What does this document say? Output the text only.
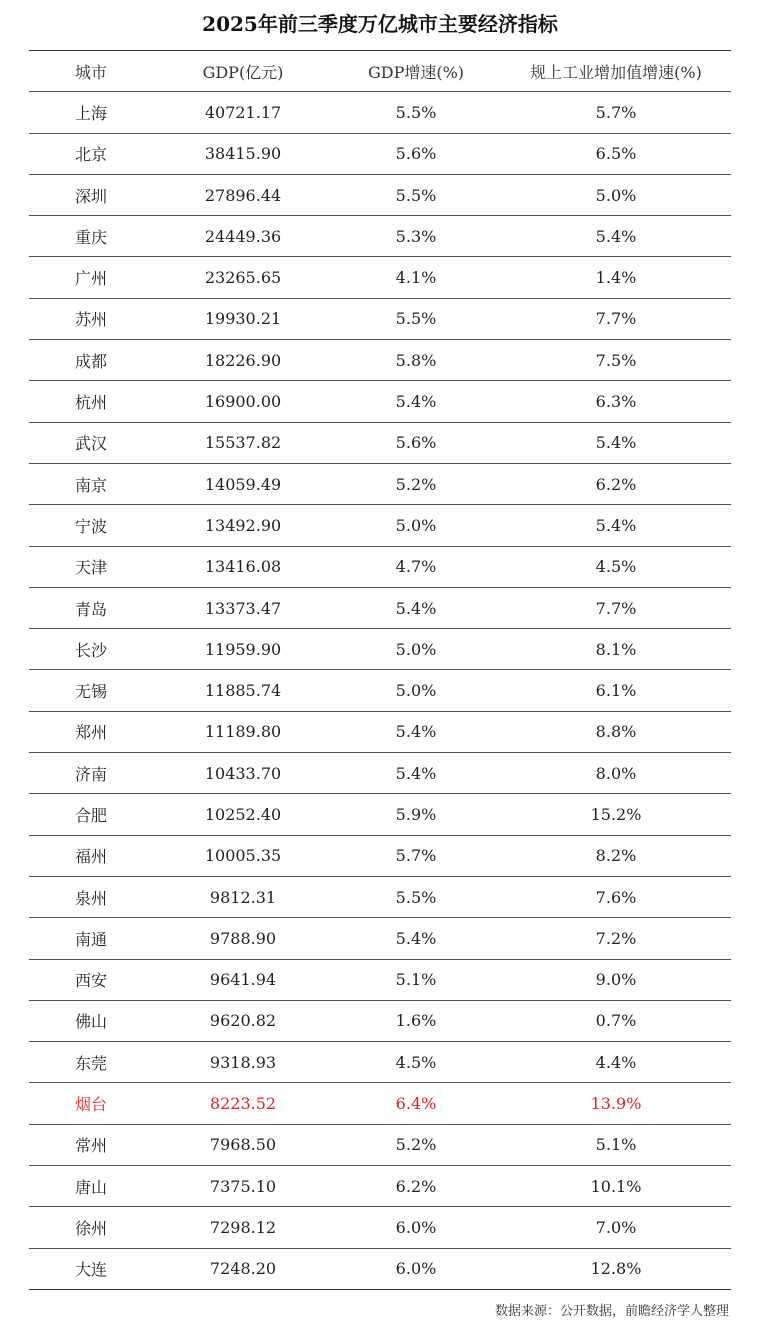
2025年前三季度万亿城市主要经济指标
城市	GDP(亿元)	GDP增速(%)	规上工业增加值增速(%)
上海	40721.17	5.5%	5.7%
北京	38415.90	5.6%	6.5%
深圳	27896.44	5.5%	5.0%
重庆	24449.36	5.3%	5.4%
广州	23265.65	4.1%	1.4%
苏州	19930.21	5.5%	7.7%
成都	18226.90	5.8%	7.5%
杭州	16900.00	5.4%	6.3%
武汉	15537.82	5.6%	5.4%
南京	14059.49	5.2%	6.2%
宁波	13492.90	5.0%	5.4%
天津	13416.08	4.7%	4.5%
青岛	13373.47	5.4%	7.7%
长沙	11959.90	5.0%	8.1%
无锡	11885.74	5.0%	6.1%
郑州	11189.80	5.4%	8.8%
济南	10433.70	5.4%	8.0%
合肥	10252.40	5.9%	15.2%
福州	10005.35	5.7%	8.2%
泉州	9812.31	5.5%	7.6%
南通	9788.90	5.4%	7.2%
西安	9641.94	5.1%	9.0%
佛山	9620.82	1.6%	0.7%
东莞	9318.93	4.5%	4.4%
烟台	8223.52	6.4%	13.9%
常州	7968.50	5.2%	5.1%
唐山	7375.10	6.2%	10.1%
徐州	7298.12	6.0%	7.0%
大连	7248.20	6.0%	12.8%
数据来源：公开数据，前瞻经济学人整理
